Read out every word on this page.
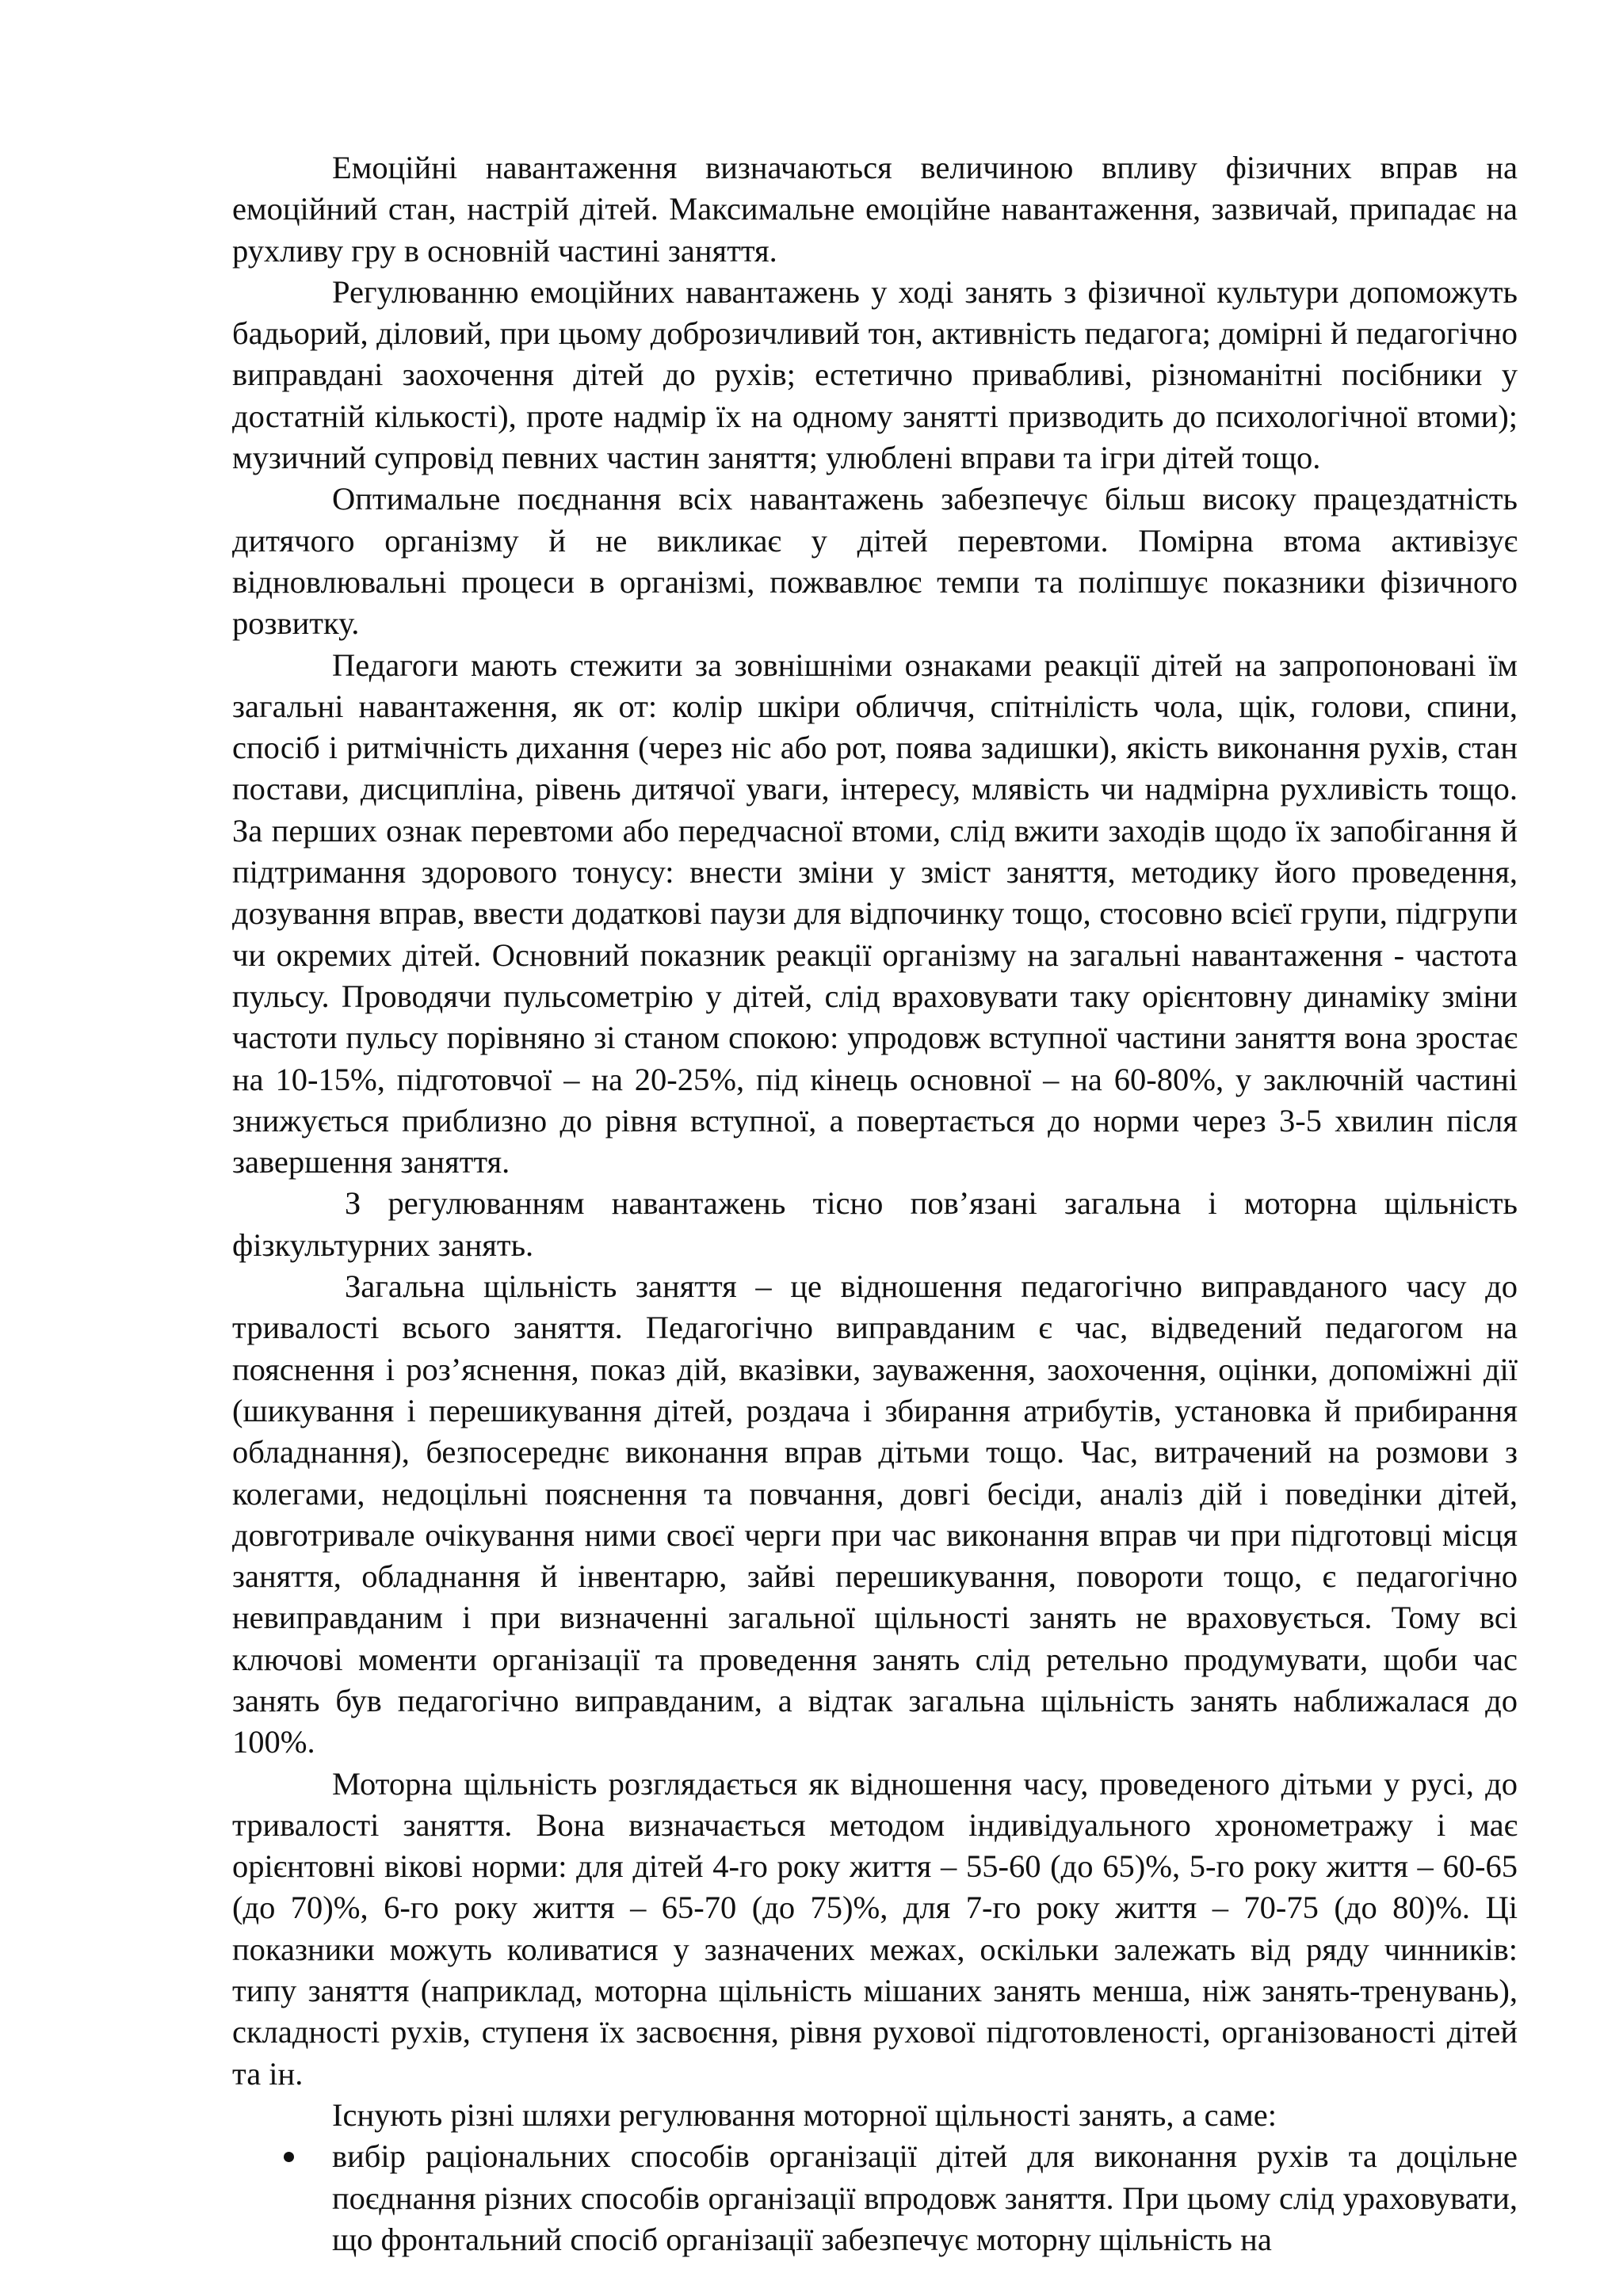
Емоційні навантаження визначаються величиною впливу фізичних вправ на емоційний стан, настрій дітей. Максимальне емоційне навантаження, зазвичай, припадає на рухливу гру в основній частині заняття.

Регулюванню емоційних навантажень у ході занять з фізичної культури допоможуть бадьорий, діловий, при цьому доброзичливий тон, активність педагога; домірні й педагогічно виправдані заохочення дітей до рухів; естетично привабливі, різноманітні посібники у достатній кількості), проте надмір їх на одному занятті призводить до психологічної втоми); музичний супровід певних частин заняття; улюблені вправи та ігри дітей тощо.

Оптимальне поєднання всіх навантажень забезпечує більш високу працездатність дитячого організму й не викликає у дітей перевтоми. Помірна втома активізує відновлювальні процеси в організмі, пожвавлює темпи та поліпшує показники фізичного розвитку.

Педагоги мають стежити за зовнішніми ознаками реакції дітей на запропоновані їм загальні навантаження, як от: колір шкіри обличчя, спітнілість чола, щік, голови, спини, спосіб і ритмічність дихання (через ніс або рот, поява задишки), якість виконання рухів, стан постави, дисципліна, рівень дитячої уваги, інтересу, млявість чи надмірна рухливість тощо. За перших ознак перевтоми або передчасної втоми, слід вжити заходів щодо їх запобігання й підтримання здорового тонусу: внести зміни у зміст заняття, методику його проведення, дозування вправ, ввести додаткові паузи для відпочинку тощо, стосовно всієї групи, підгрупи чи окремих дітей. Основний показник реакції організму на загальні навантаження - частота пульсу. Проводячи пульсометрію у дітей, слід враховувати таку орієнтовну динаміку зміни частоти пульсу порівняно зі станом спокою: упродовж вступної частини заняття вона зростає на 10-15%, підготовчої – на 20-25%, під кінець основної – на 60-80%, у заключній частині знижується приблизно до рівня вступної, а повертається до норми через 3-5 хвилин після завершення заняття.

З регулюванням навантажень тісно пов’язані загальна і моторна щільність фізкультурних занять.

Загальна щільність заняття – це відношення педагогічно виправданого часу до тривалості всього заняття. Педагогічно виправданим є час, відведений педагогом на пояснення і роз’яснення, показ дій, вказівки, зауваження, заохочення, оцінки, допоміжні дії (шикування і перешикування дітей, роздача і збирання атрибутів, установка й прибирання обладнання), безпосереднє виконання вправ дітьми тощо. Час, витрачений на розмови з колегами, недоцільні пояснення та повчання, довгі бесіди, аналіз дій і поведінки дітей, довготривале очікування ними своєї черги при час виконання вправ чи при підготовці місця заняття, обладнання й інвентарю, зайві перешикування, повороти тощо, є педагогічно невиправданим і при визначенні загальної щільності занять не враховується. Тому всі ключові моменти організації та проведення занять слід ретельно продумувати, щоби час занять був педагогічно виправданим, а відтак загальна щільність занять наближалася до 100%.

Моторна щільність розглядається як відношення часу, проведеного дітьми у русі, до тривалості заняття. Вона визначається методом індивідуального хронометражу і має орієнтовні вікові норми: для дітей 4-го року життя – 55-60 (до 65)%, 5-го року життя – 60-65 (до 70)%, 6-го року життя – 65-70 (до 75)%, для 7-го року життя – 70-75 (до 80)%. Ці показники можуть коливатися у зазначених межах, оскільки залежать від ряду чинників: типу заняття (наприклад, моторна щільність мішаних занять менша, ніж занять-тренувань), складності рухів, ступеня їх засвоєння, рівня рухової підготовленості, організованості дітей та ін.

Існують різні шляхи регулювання моторної щільності занять, а саме:

вибір раціональних способів організації дітей для виконання рухів та доцільне поєднання різних способів організації впродовж заняття. При цьому слід ураховувати, що фронтальний спосіб організації забезпечує моторну щільність на
